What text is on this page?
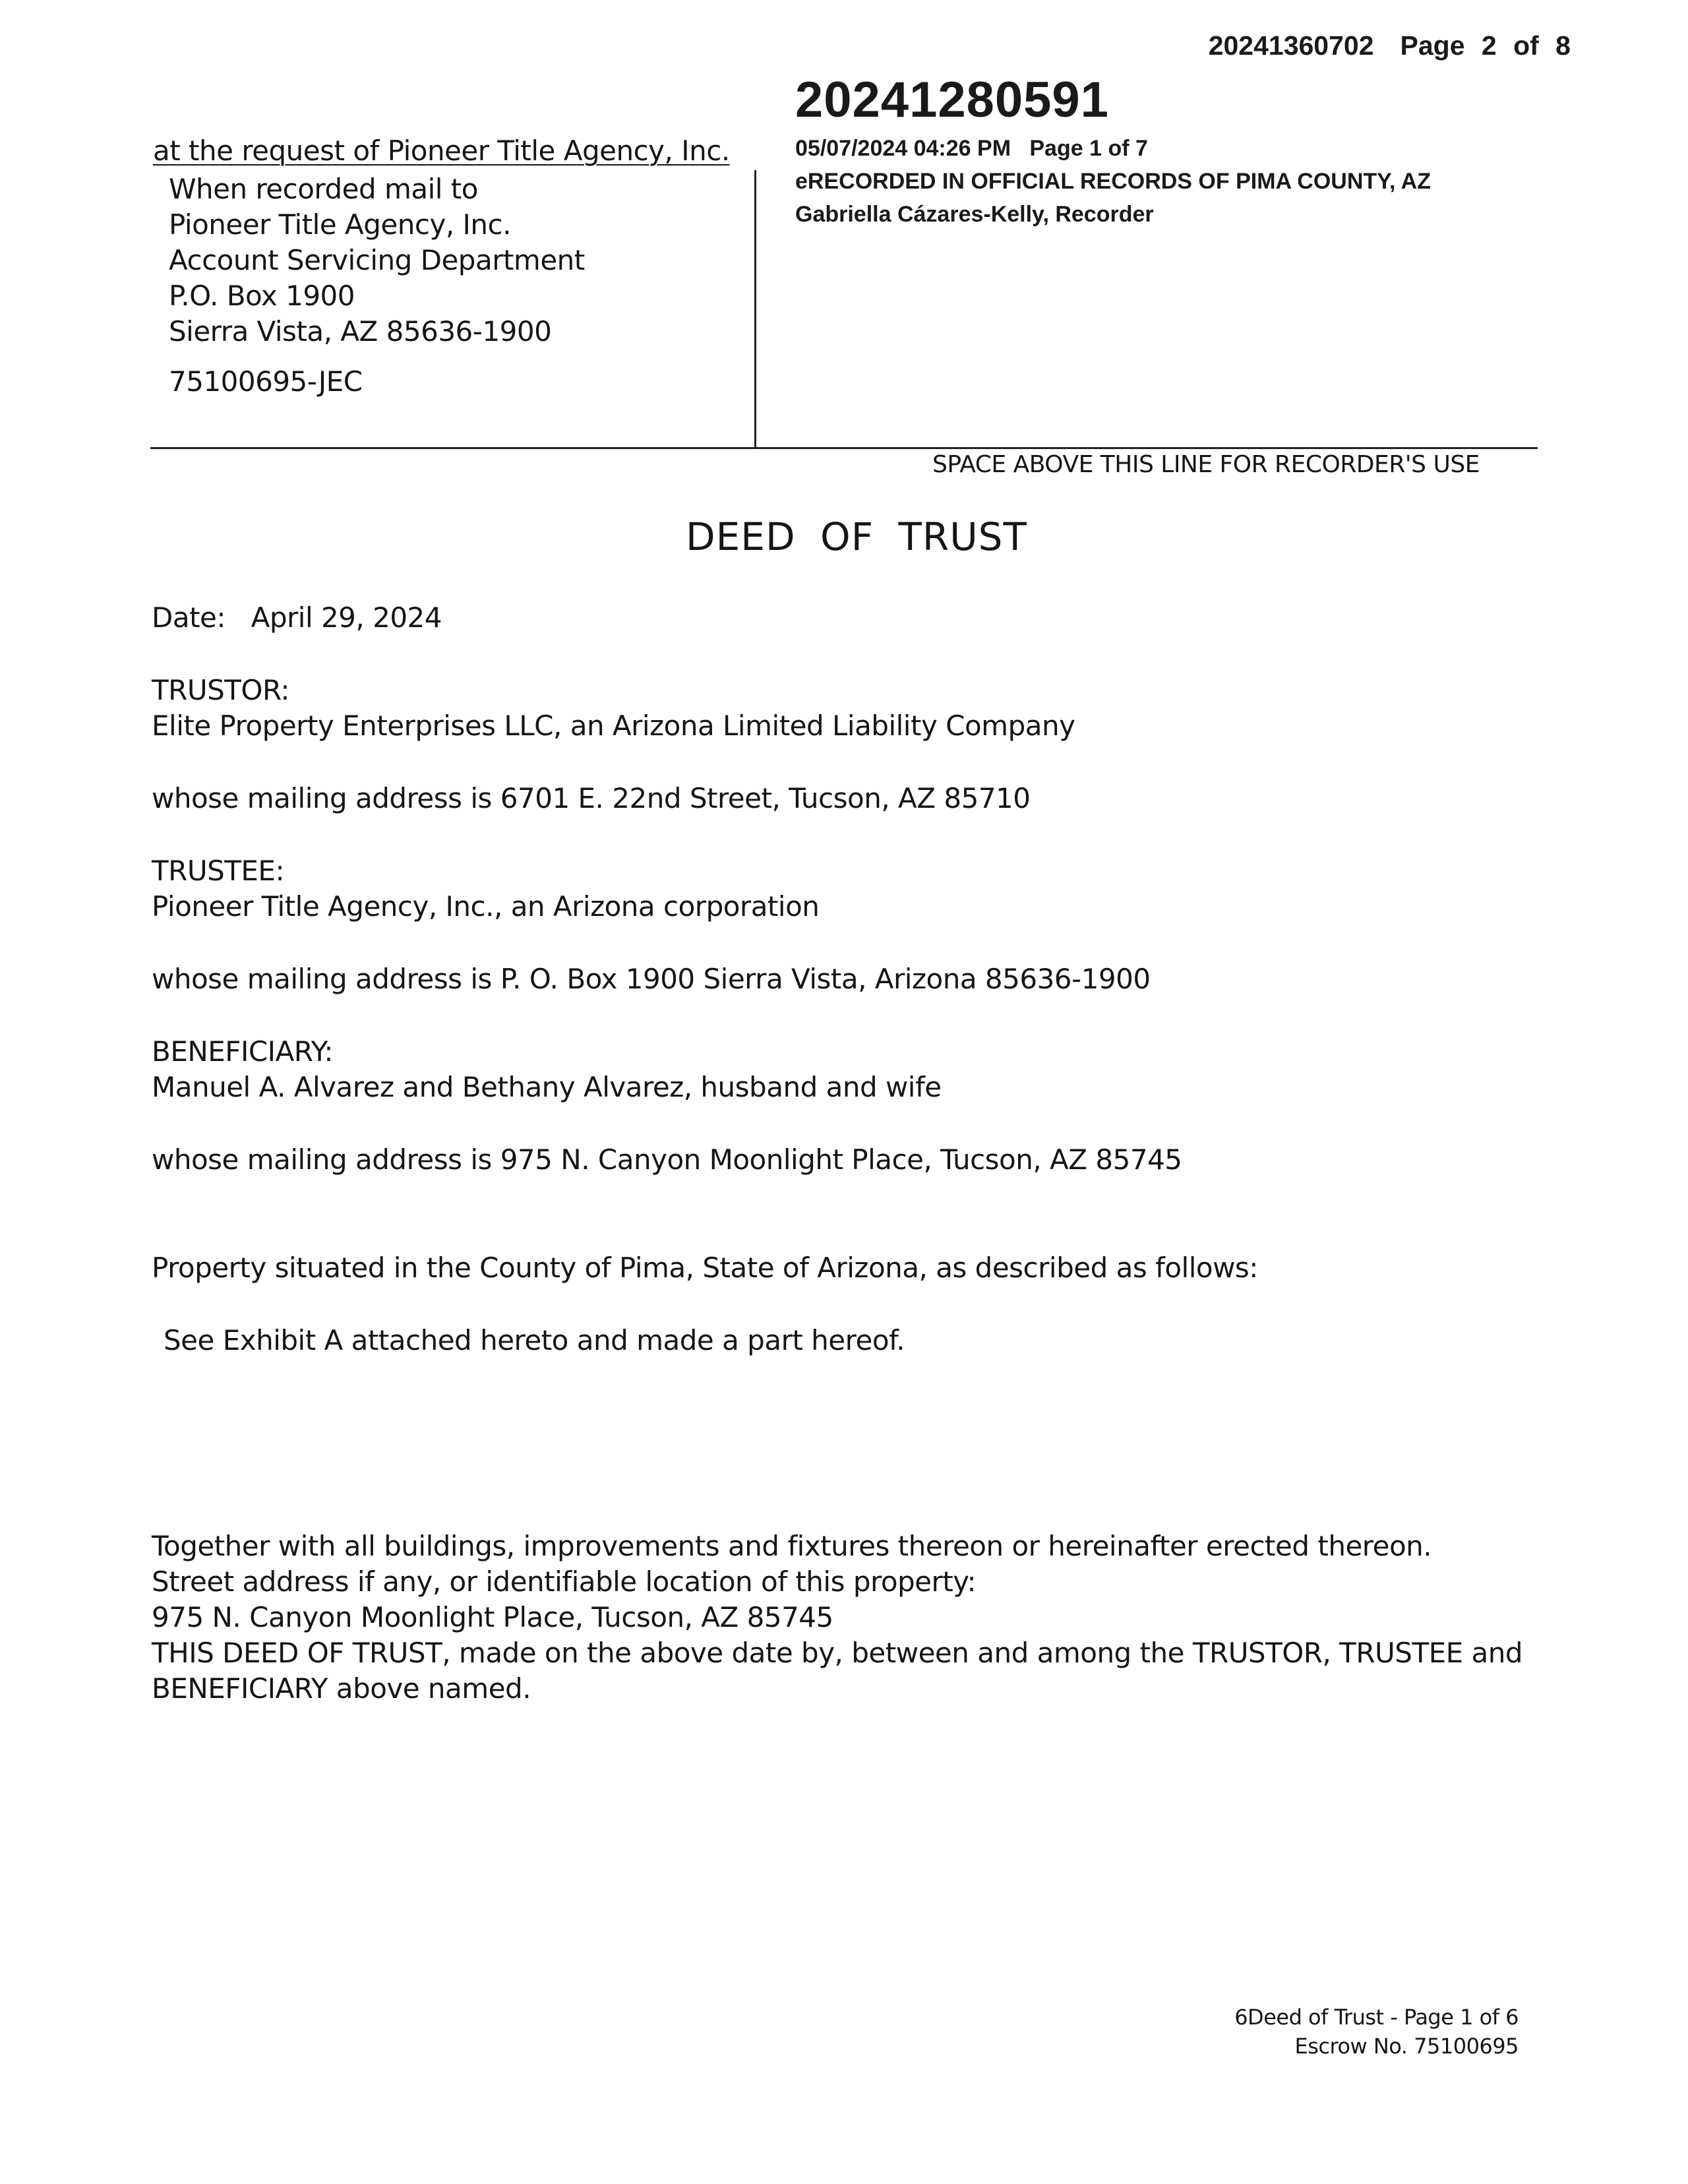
20241360702 Page 2 of 8
20241280591
05/07/2024 04:26 PM Page 1 of 7
eRECORDED IN OFFICIAL RECORDS OF PIMA COUNTY, AZ
Gabriella Cázares-Kelly, Recorder
at the request of Pioneer Title Agency, Inc.
When recorded mail to
Pioneer Title Agency, Inc.
Account Servicing Department
P.O. Box 1900
Sierra Vista, AZ 85636-1900
75100695-JEC
SPACE ABOVE THIS LINE FOR RECORDER'S USE
DEED OF TRUST
Date: April 29, 2024
TRUSTOR:
Elite Property Enterprises LLC, an Arizona Limited Liability Company
whose mailing address is 6701 E. 22nd Street, Tucson, AZ 85710
TRUSTEE:
Pioneer Title Agency, Inc., an Arizona corporation
whose mailing address is P. O. Box 1900 Sierra Vista, Arizona 85636-1900
BENEFICIARY:
Manuel A. Alvarez and Bethany Alvarez, husband and wife
whose mailing address is 975 N. Canyon Moonlight Place, Tucson, AZ 85745
Property situated in the County of Pima, State of Arizona, as described as follows:
See Exhibit A attached hereto and made a part hereof.
Together with all buildings, improvements and fixtures thereon or hereinafter erected thereon.
Street address if any, or identifiable location of this property:
975 N. Canyon Moonlight Place, Tucson, AZ 85745
THIS DEED OF TRUST, made on the above date by, between and among the TRUSTOR, TRUSTEE and
BENEFICIARY above named.
6Deed of Trust - Page 1 of 6
Escrow No. 75100695
